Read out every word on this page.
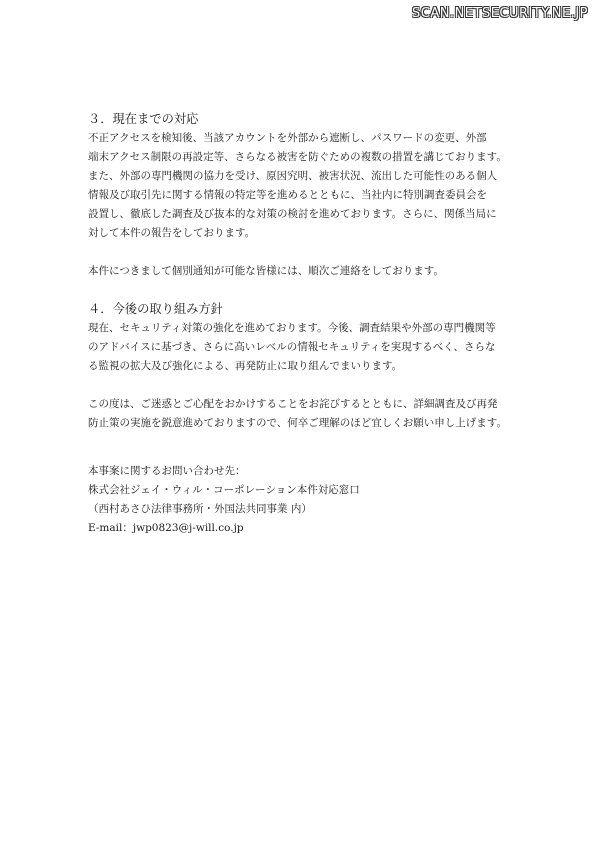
SCAN.NETSECURITY.NE.JP
３．現在までの対応

不正アクセスを検知後、当該アカウントを外部から遮断し、パスワードの変更、外部
端末アクセス制限の再設定等、さらなる被害を防ぐための複数の措置を講じております。
また、外部の専門機関の協力を受け、原因究明、被害状況、流出した可能性のある個人
情報及び取引先に関する情報の特定等を進めるとともに、当社内に特別調査委員会を
設置し、徹底した調査及び抜本的な対策の検討を進めております。さらに、関係当局に
対して本件の報告をしております。

本件につきまして個別通知が可能な皆様には、順次ご連絡をしております。

４．今後の取り組み方針

現在、セキュリティ対策の強化を進めております。今後、調査結果や外部の専門機関等
のアドバイスに基づき、さらに高いレベルの情報セキュリティを実現するべく、さらな
る監視の拡大及び強化による、再発防止に取り組んでまいります。

この度は、ご迷惑とご心配をおかけすることをお詫びするとともに、詳細調査及び再発
防止策の実施を鋭意進めておりますので、何卒ご理解のほど宜しくお願い申し上げます。

本事案に関するお問い合わせ先：
株式会社ジェイ・ウィル・コーポレーション本件対応窓口
（西村あさひ法律事務所・外国法共同事業 内）
E-mail：jwp0823@j-will.co.jp
